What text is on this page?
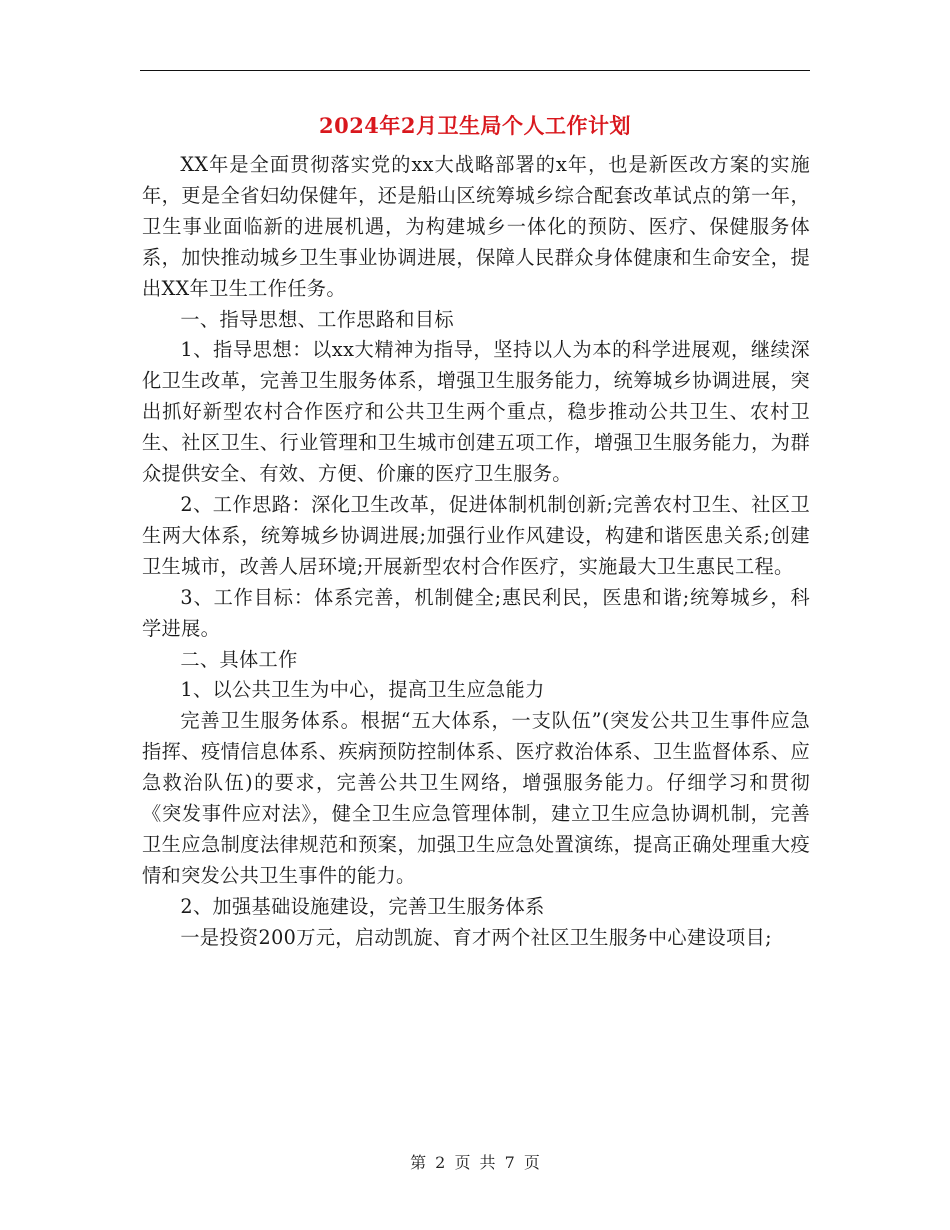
2024年2月卫生局个人工作计划

XX年是全面贯彻落实党的xx大战略部署的x年，也是新医改方案的实施年，更是全省妇幼保健年，还是船山区统筹城乡综合配套改革试点的第一年，卫生事业面临新的进展机遇，为构建城乡一体化的预防、医疗、保健服务体系，加快推动城乡卫生事业协调进展，保障人民群众身体健康和生命安全，提出XX年卫生工作任务。

一、指导思想、工作思路和目标

1、指导思想：以xx大精神为指导，坚持以人为本的科学进展观，继续深化卫生改革，完善卫生服务体系，增强卫生服务能力，统筹城乡协调进展，突出抓好新型农村合作医疗和公共卫生两个重点，稳步推动公共卫生、农村卫生、社区卫生、行业管理和卫生城市创建五项工作，增强卫生服务能力，为群众提供安全、有效、方便、价廉的医疗卫生服务。

2、工作思路：深化卫生改革，促进体制机制创新;完善农村卫生、社区卫生两大体系，统筹城乡协调进展;加强行业作风建设，构建和谐医患关系;创建卫生城市，改善人居环境;开展新型农村合作医疗，实施最大卫生惠民工程。

3、工作目标：体系完善，机制健全;惠民利民，医患和谐;统筹城乡，科学进展。

二、具体工作

1、以公共卫生为中心，提高卫生应急能力

完善卫生服务体系。根据“五大体系，一支队伍”(突发公共卫生事件应急指挥、疫情信息体系、疾病预防控制体系、医疗救治体系、卫生监督体系、应急救治队伍)的要求，完善公共卫生网络，增强服务能力。仔细学习和贯彻《突发事件应对法》，健全卫生应急管理体制，建立卫生应急协调机制，完善卫生应急制度法律规范和预案，加强卫生应急处置演练，提高正确处理重大疫情和突发公共卫生事件的能力。

2、加强基础设施建设，完善卫生服务体系

一是投资200万元，启动凯旋、育才两个社区卫生服务中心建设项目;

第 2 页 共 7 页
